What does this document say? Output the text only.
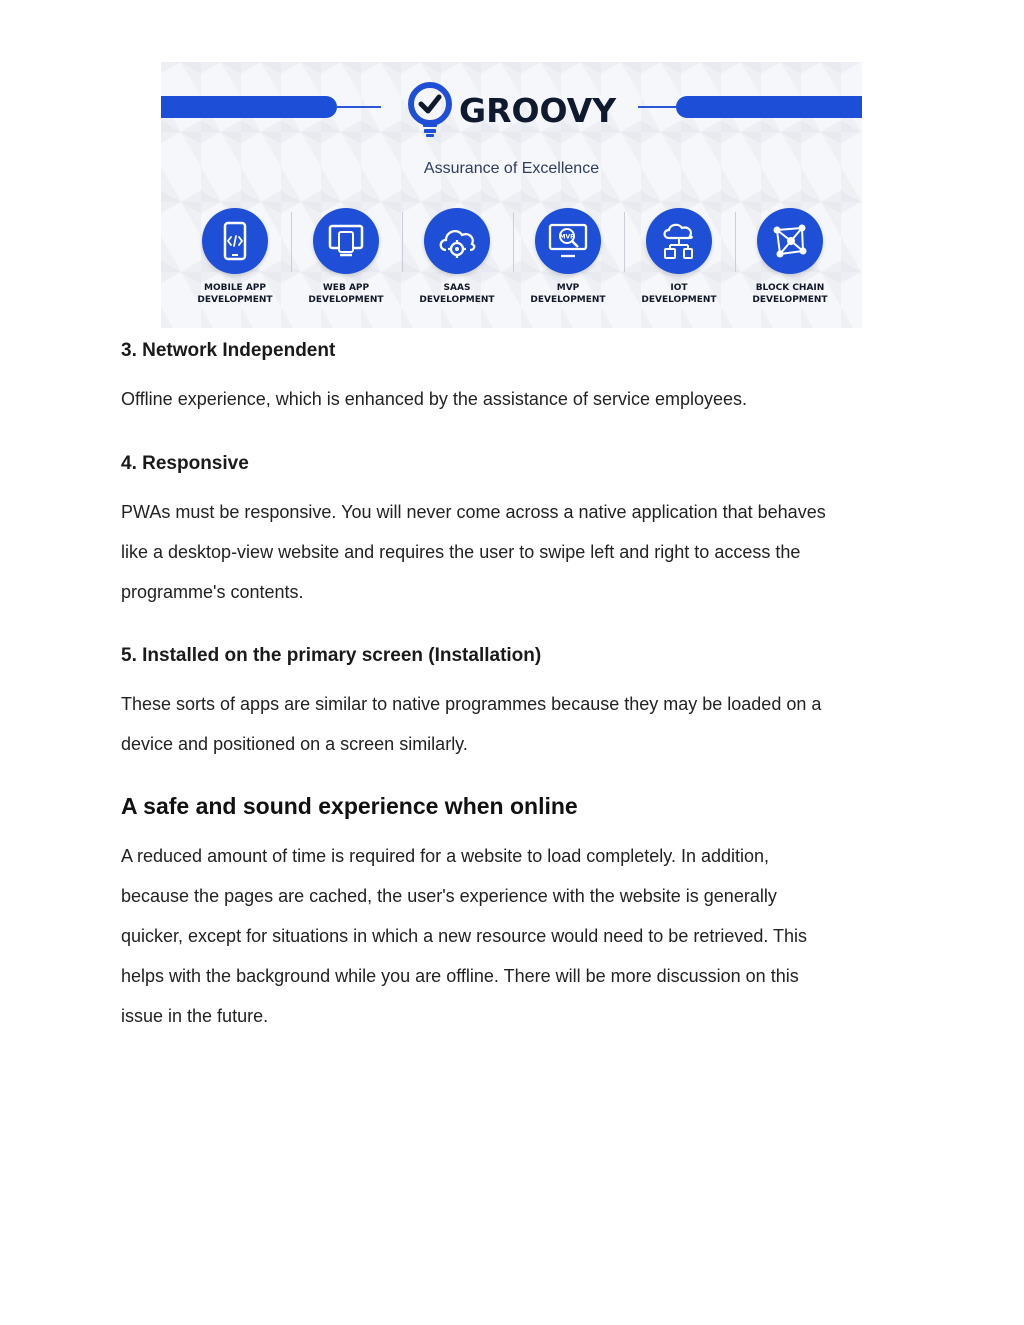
GROOVY
Assurance of Excellence
MOBILE APP
DEVELOPMENT
WEB APP
DEVELOPMENT
SAAS
DEVELOPMENT
MVP
MVP
DEVELOPMENT
IOT
DEVELOPMENT
BLOCK CHAIN
DEVELOPMENT

3. Network Independent

Offline experience, which is enhanced by the assistance of service employees.

4. Responsive

PWAs must be responsive. You will never come across a native application that behaves

like a desktop-view website and requires the user to swipe left and right to access the

programme's contents.

5. Installed on the primary screen (Installation)

These sorts of apps are similar to native programmes because they may be loaded on a

device and positioned on a screen similarly.

A safe and sound experience when online

A reduced amount of time is required for a website to load completely. In addition,

because the pages are cached, the user's experience with the website is generally

quicker, except for situations in which a new resource would need to be retrieved. This

helps with the background while you are offline. There will be more discussion on this

issue in the future.
